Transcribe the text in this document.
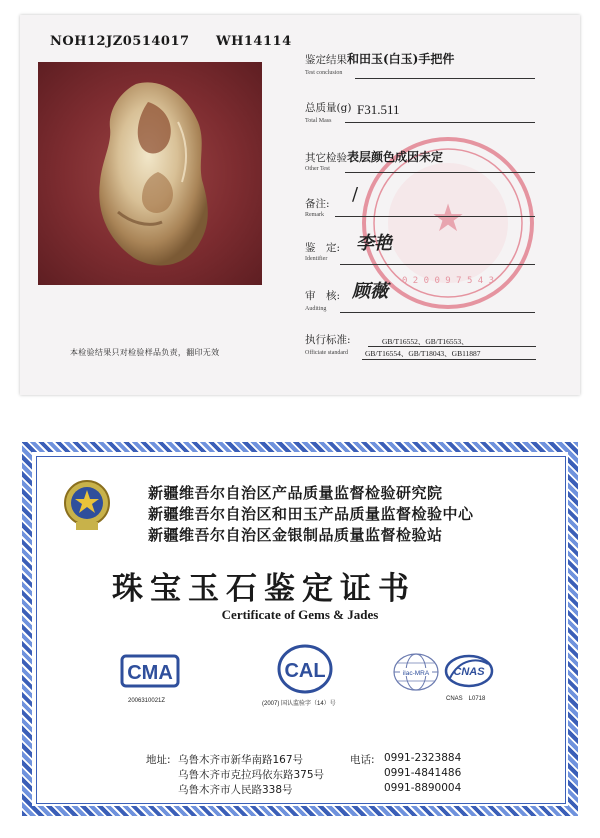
NOH12JZ0514017 WH14114
本检验结果只对检验样品负责，翻印无效
★
0 2 0 0 9 7 5 4 3
鉴定结果和田玉(白玉)手把件
Test conclusion
总质量(g) F31.511
Total Mass
其它检验表层颜色成因未定
Other Test
备注: /
Remark
鉴　定: 李艳
Identifier
审　核: 顾薇
Auditing
执行标准:	GB/T16552、GB/T16553、
Officiate standard GB/T16554、GB/T18043、GB11887
新疆维吾尔自治区产品质量监督检验研究院
新疆维吾尔自治区和田玉产品质量监督检验中心
新疆维吾尔自治区金银制品质量监督检验站
珠宝玉石鉴定证书
Certificate of Gems & Jades
CMA
2006310021Z
CAL
(2007) 国认监验字（14）号
ilac-MRA CNAS
CNAS　L0718
地址: 乌鲁木齐市新华南路167号
乌鲁木齐市克拉玛依东路375号
乌鲁木齐市人民路338号
电话: 0991-2323884
0991-4841486
0991-8890004
